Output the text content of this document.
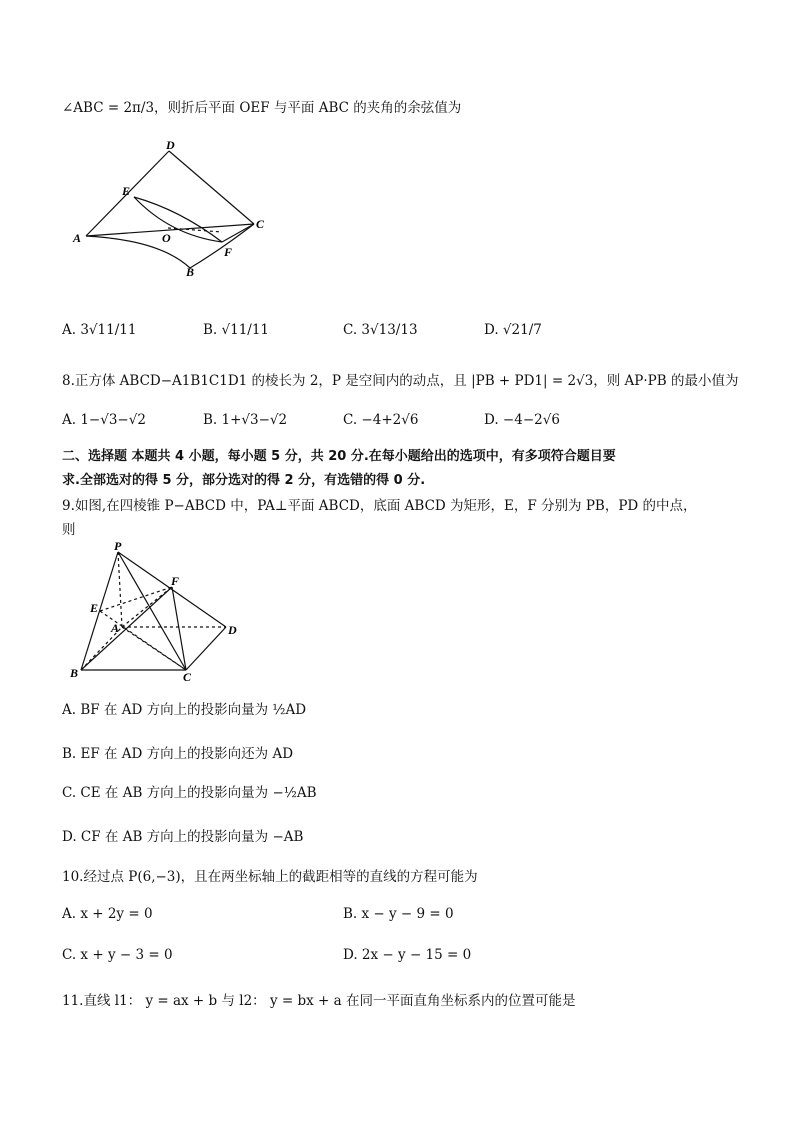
∠ABC = 2π/3，则折后平面 OEF 与平面 ABC 的夹角的余弦值为
D
E
A	O
C
F
B
A. 3√11/11	B. √11/11	C. 3√13/13	D. √21/7
8.正方体 ABCD−A1B1C1D1 的棱长为 2，P 是空间内的动点，且 |PB + PD1| = 2√3，则 AP·PB 的最小值为
A. 1−√3−√2	B. 1+√3−√2	C. −4+2√6	D. −4−2√6
二、选择题 本题共 4 小题，每小题 5 分，共 20 分.在每小题给出的选项中，有多项符合题目要
求.全部选对的得 5 分，部分选对的得 2 分，有选错的得 0 分.
9.如图,在四棱锥 P−ABCD 中，PA⊥平面 ABCD，底面 ABCD 为矩形，E，F 分别为 PB，PD 的中点，
则
P
F
E
A	D
B	C
A. BF 在 AD 方向上的投影向量为 ½AD
B. EF 在 AD 方向上的投影向还为 AD
C. CE 在 AB 方向上的投影向量为 −½AB
D. CF 在 AB 方向上的投影向量为 −AB
10.经过点 P(6,−3)，且在两坐标轴上的截距相等的直线的方程可能为
A. x + 2y = 0	B. x − y − 9 = 0
C. x + y − 3 = 0	D. 2x − y − 15 = 0
11.直线 l1： y = ax + b 与 l2： y = bx + a 在同一平面直角坐标系内的位置可能是
